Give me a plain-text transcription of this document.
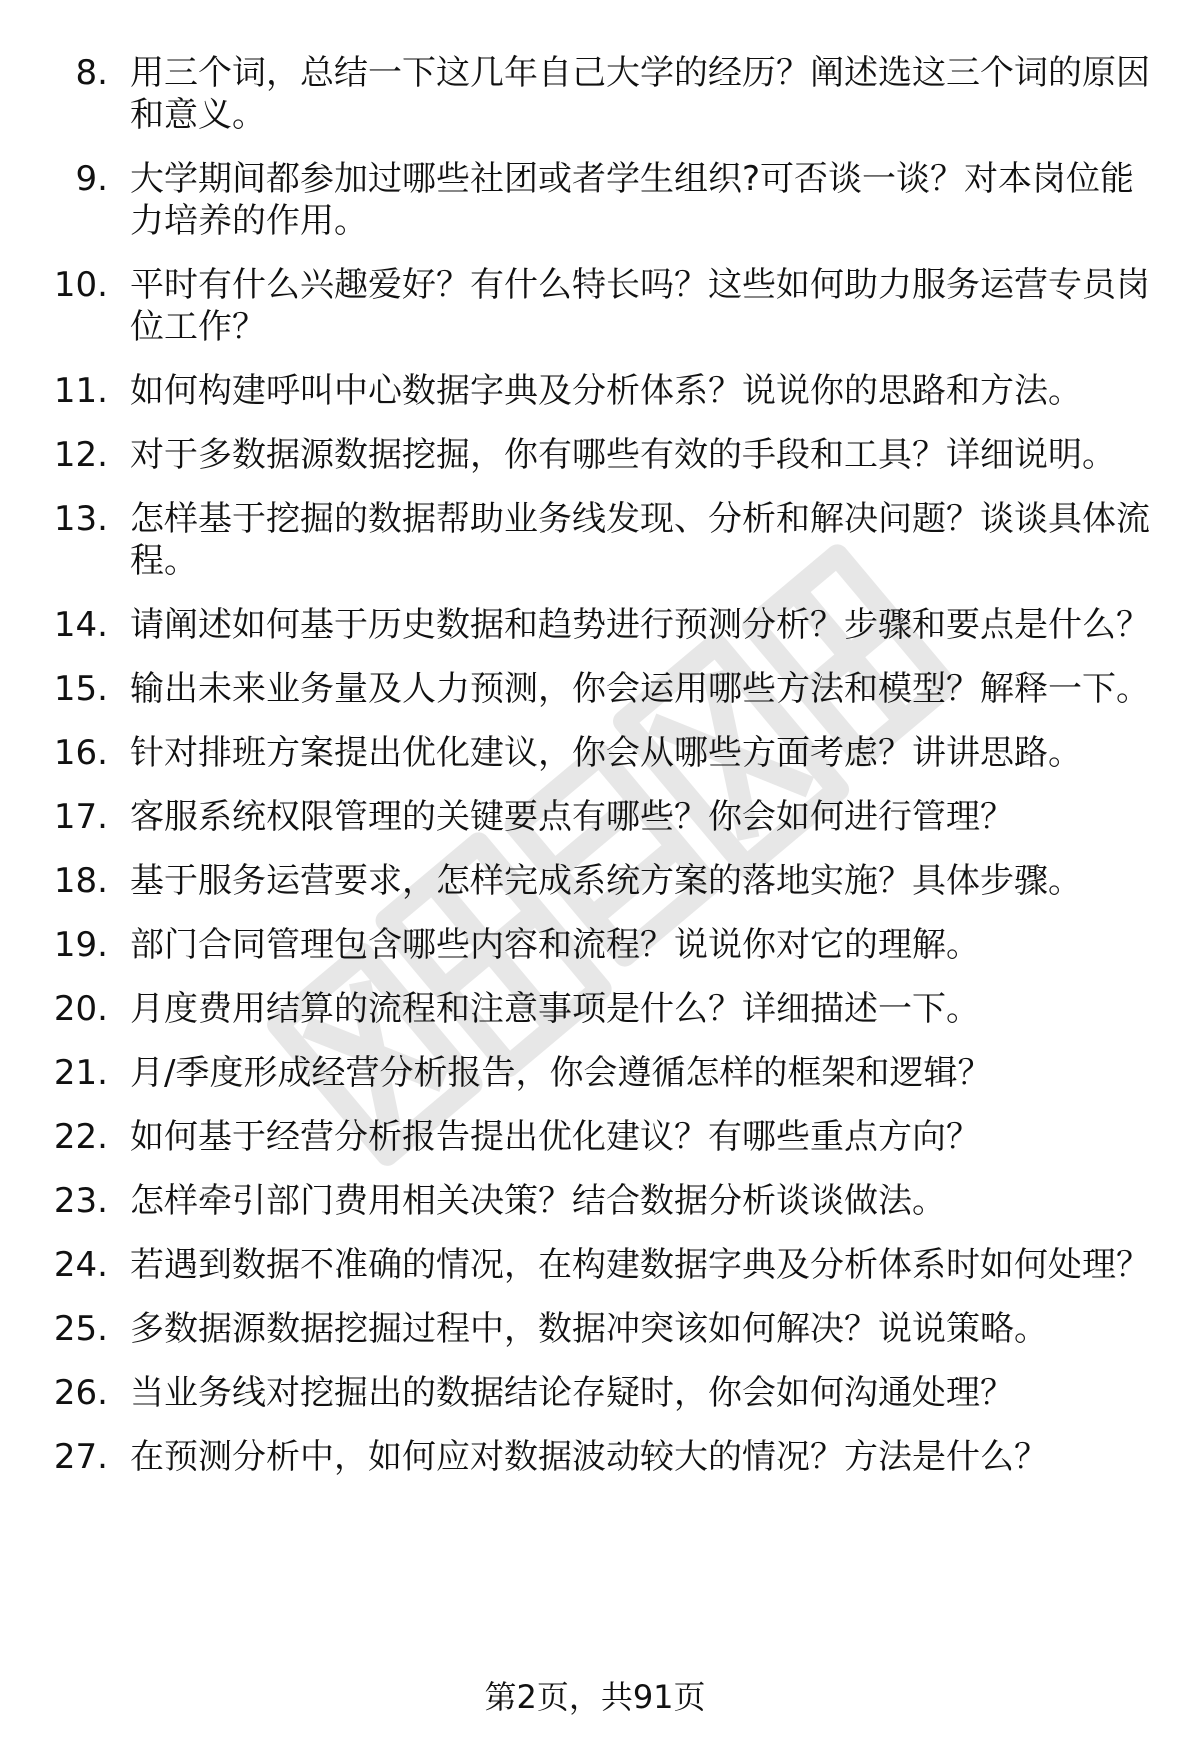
8. 用三个词，总结一下这几年自己大学的经历？阐述选这三个词的原因和意义。
9. 大学期间都参加过哪些社团或者学生组织?可否谈一谈？对本岗位能力培养的作用。
10. 平时有什么兴趣爱好？有什么特长吗？这些如何助力服务运营专员岗位工作？
11. 如何构建呼叫中心数据字典及分析体系？说说你的思路和方法。
12. 对于多数据源数据挖掘，你有哪些有效的手段和工具？详细说明。
13. 怎样基于挖掘的数据帮助业务线发现、分析和解决问题？谈谈具体流程。
14. 请阐述如何基于历史数据和趋势进行预测分析？步骤和要点是什么？
15. 输出未来业务量及人力预测，你会运用哪些方法和模型？解释一下。
16. 针对排班方案提出优化建议，你会从哪些方面考虑？讲讲思路。
17. 客服系统权限管理的关键要点有哪些？你会如何进行管理？
18. 基于服务运营要求，怎样完成系统方案的落地实施？具体步骤。
19. 部门合同管理包含哪些内容和流程？说说你对它的理解。
20. 月度费用结算的流程和注意事项是什么？详细描述一下。
21. 月/季度形成经营分析报告，你会遵循怎样的框架和逻辑？
22. 如何基于经营分析报告提出优化建议？有哪些重点方向？
23. 怎样牵引部门费用相关决策？结合数据分析谈谈做法。
24. 若遇到数据不准确的情况，在构建数据字典及分析体系时如何处理？
25. 多数据源数据挖掘过程中，数据冲突该如何解决？说说策略。
26. 当业务线对挖掘出的数据结论存疑时，你会如何沟通处理？
27. 在预测分析中，如何应对数据波动较大的情况？方法是什么？
第2页，共91页
